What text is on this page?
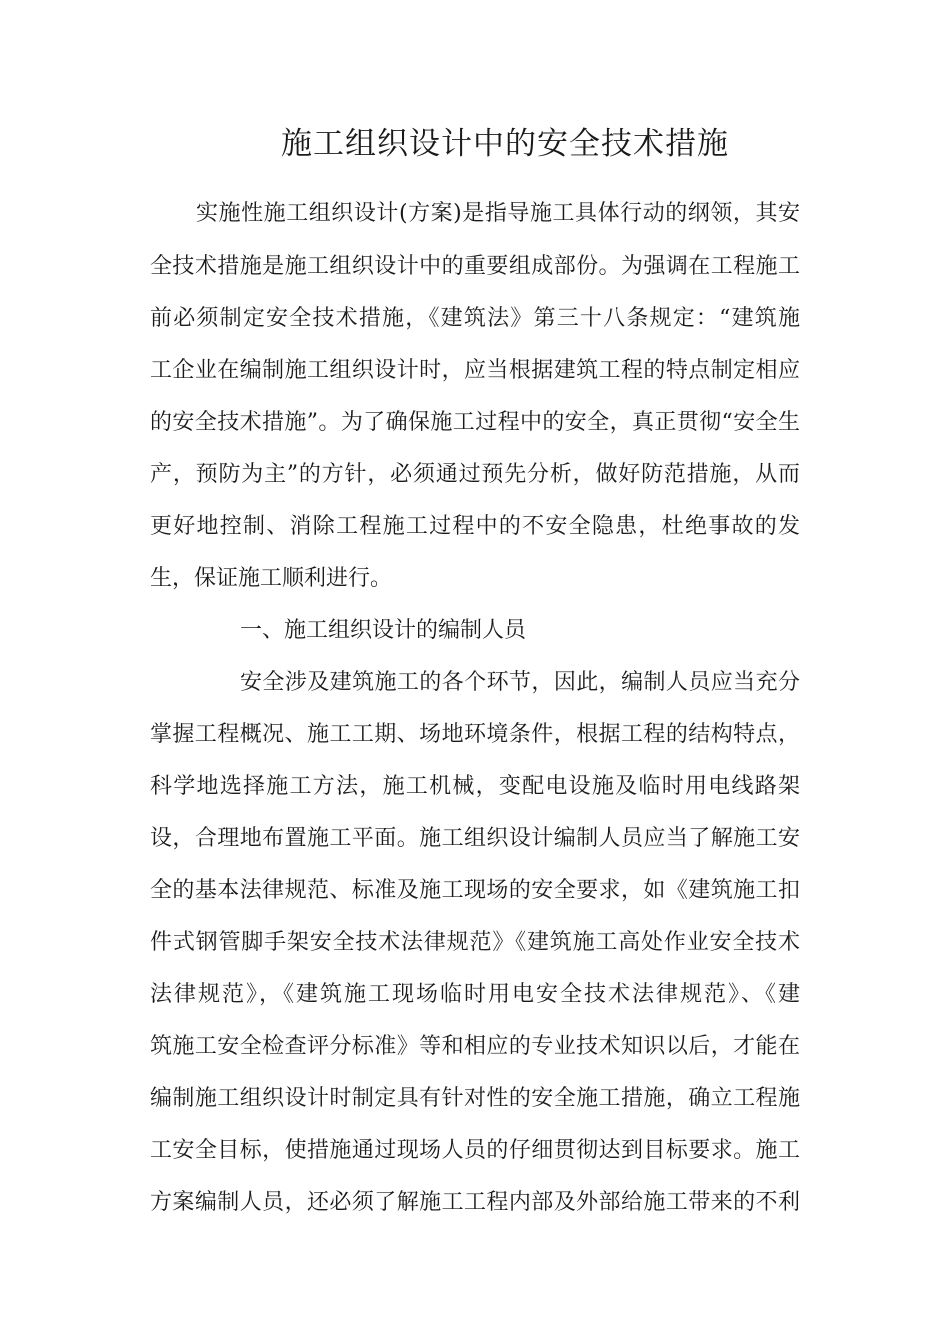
施工组织设计中的安全技术措施
实施性施工组织设计(方案)是指导施工具体行动的纲领，其安
全技术措施是施工组织设计中的重要组成部份。为强调在工程施工
前必须制定安全技术措施，《建筑法》第三十八条规定：“建筑施
工企业在编制施工组织设计时，应当根据建筑工程的特点制定相应
的安全技术措施”。为了确保施工过程中的安全，真正贯彻“安全生
产，预防为主”的方针，必须通过预先分析，做好防范措施，从而
更好地控制、消除工程施工过程中的不安全隐患，杜绝事故的发
生，保证施工顺利进行。
一、施工组织设计的编制人员
安全涉及建筑施工的各个环节，因此，编制人员应当充分
掌握工程概况、施工工期、场地环境条件，根据工程的结构特点，
科学地选择施工方法，施工机械，变配电设施及临时用电线路架
设，合理地布置施工平面。施工组织设计编制人员应当了解施工安
全的基本法律规范、标准及施工现场的安全要求，如《建筑施工扣
件式钢管脚手架安全技术法律规范》《建筑施工高处作业安全技术
法律规范》，《建筑施工现场临时用电安全技术法律规范》、《建
筑施工安全检查评分标准》等和相应的专业技术知识以后，才能在
编制施工组织设计时制定具有针对性的安全施工措施，确立工程施
工安全目标，使措施通过现场人员的仔细贯彻达到目标要求。施工
方案编制人员，还必须了解施工工程内部及外部给施工带来的不利
